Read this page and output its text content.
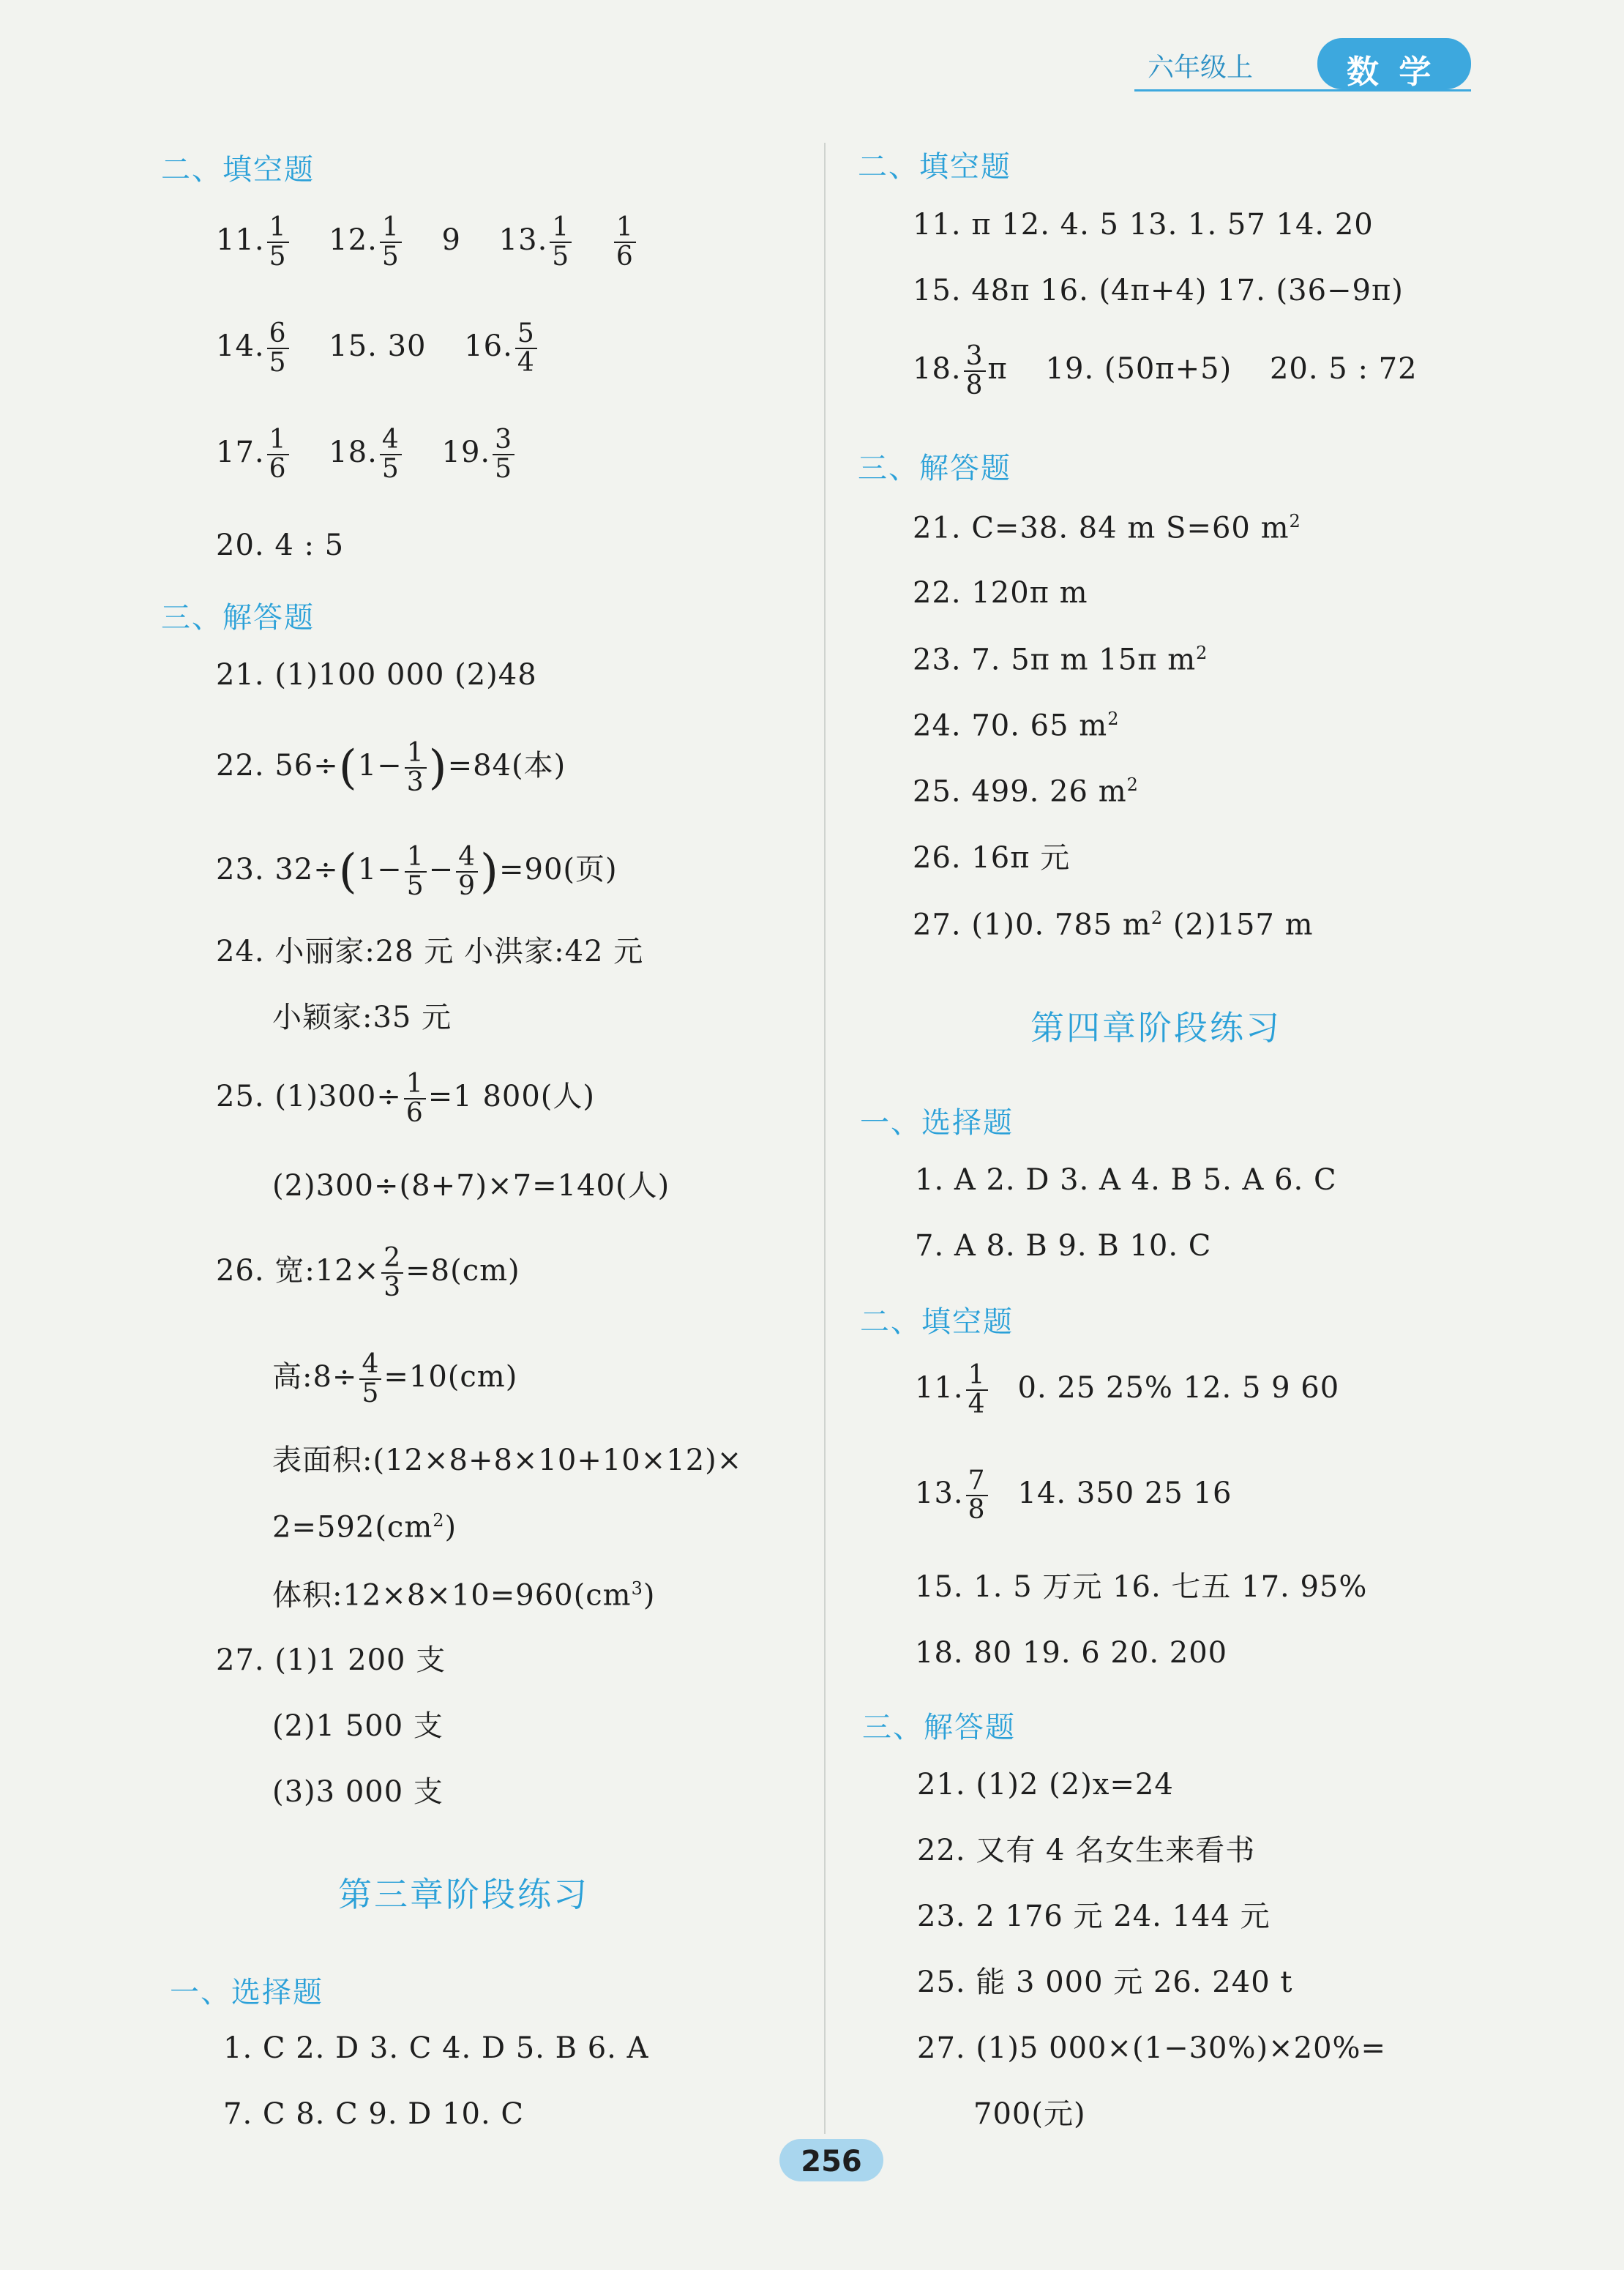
六年级上	数 学
二、填空题
11. $\frac{1}{5} 12$. $\frac{1}{5} 9$ 13. $\frac{1}{5}$
$\frac{1}{6}$
14. $\frac{6}{5} 15$. 30 16. $\frac{5}{4}$
17. $\frac{1}{6} 18$. $\frac{4}{5} 19$. $\frac{3}{5}$
20. 4 : 5
三、解答题
21. (1)100 000 (2)48
22. $56\div(1- \frac{1}{3} )=84$(本)
23. $32\div(1- \frac{1}{5} - \frac{4}{9} )=90$(页)
24. 小丽家:28 元 小洪家:42 元
小颖家:35 元
25. $(1)300\div \frac{1}{6} =1$ 800(人)
(2)300÷(8+7)×7=140(人)
26. 宽:12× $\frac{2}{3} =8(cm)$
高:8÷ $\frac{4}{5} =10(cm)$
表面积:(12×8+8×10+10×12)×
$2=592(cm^2)$
体积$:12\times 8\times 10=960(cm^3)$
27. (1)1 200 支
(2)1 500 支
(3)3 000 支
第三章阶段练习
一、选择题
1. C 2. D 3. C 4. D 5. B 6. A
7. C 8. C 9. D 10. C
二、填空题
11. π 12. 4. 5 13. 1. 57 14. 20
15. 48π 16. (4π+4) 17. (36−9π)
18. $\frac{3}{8}$ π 19. (50π+5) 20. 5 : 72
三、解答题
21. C=38. 84 m S=60 $m^2$
22. 120π m
23. 7. 5π m 15π $m^2$
24. 70. 65 $m^2$
25. 499. 26 $m^2$
26. 16π 元
27. (1)0. 785 $m^2$ (2)157 m
第四章阶段练习
一、选择题
1. A 2. D 3. A 4. B 5. A 6. C
7. A 8. B 9. B 10. C
二、填空题
11. $\frac{1}{4} 0$. 25 25% 12. 5 9 60
13. $\frac{7}{8} 14$. 350 25 16
15. 1. 5 万元 16. 七五 17. 95%
18. 80 19. 6 20. 200
三、解答题
21. (1)2 (2)x=24
22. 又有 4 名女生来看书
23. 2 176 元 24. 144 元
25. 能 3 000 元 26. 240 t
27. (1)5 000×(1−30%)×20%=
700(元)
256
